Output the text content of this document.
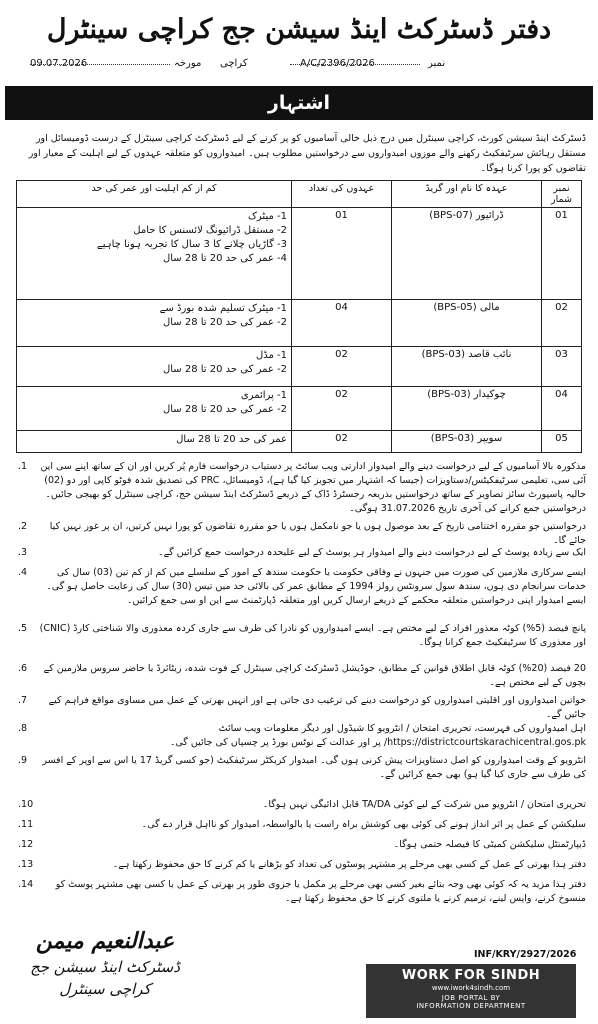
دفتر ڈسٹرکٹ اینڈ سیشن جج کراچی سینٹرل
نمبر
A/C/2396/2026
کراچی
مورخہ
09.07.2026
اشتہار
ڈسٹرکٹ اینڈ سیشن کورٹ، کراچی سینٹرل میں درج ذیل خالی آسامیوں کو پر کرنے کے لیے ڈسٹرکٹ کراچی سینٹرل کے درست ڈومیسائل اور مستقل رہائش سرٹیفکیٹ رکھنے والے موزوں امیدواروں سے درخواستیں مطلوب ہیں۔ امیدواروں کو متعلقہ عہدوں کے لیے اہلیت کے معیار اور تقاضوں کو پورا کرنا ہوگا۔
نمبر شمار	عہدہ کا نام اور گریڈ	عہدوں کی تعداد	کم از کم اہلیت اور عمر کی حد
01	ڈرائیور (BPS-07)	01	1- میٹرک
2- مستقل ڈرائیونگ لائسنس کا حامل
3- گاڑیاں چلانے کا 3 سال کا تجربہ ہونا چاہیے
4- عمر کی حد 20 تا 28 سال

02	مالی (BPS-05)	04	1- میٹرک تسلیم شدہ بورڈ سے
2- عمر کی حد 20 تا 28 سال

03	نائب قاصد (BPS-03)	02	1- مڈل
2- عمر کی حد 20 تا 28 سال

04	چوکیدار (BPS-03)	02	1- پرائمری
2- عمر کی حد 20 تا 28 سال

05	سویپر (BPS-03)	02	عمر کی حد 20 تا 28 سال
مذکورہ بالا آسامیوں کے لیے درخواست دینے والے امیدوار ادارتی ویب سائٹ پر دستیاب درخواست فارم پُر کریں اور ان کے ساتھ اپنے سی این آئی سی، تعلیمی سرٹیفکیٹس/دستاویزات (جیسا کہ اشتہار میں تجویز کیا گیا ہے)، ڈومیسائل، PRC کی تصدیق شدہ فوٹو کاپی اور دو (02) حالیہ پاسپورٹ سائز تصاویر کے ساتھ درخواستیں بذریعہ رجسٹرڈ ڈاک کے ذریعے ڈسٹرکٹ اینڈ سیشن جج، کراچی سینٹرل کو بھیجی جائیں۔ درخواستیں جمع کرانے کی آخری تاریخ 31.07.2026 ہوگی۔
1.
درخواستیں جو مقررہ اختتامی تاریخ کے بعد موصول ہوں یا جو نامکمل ہوں یا جو مقررہ تقاضوں کو پورا نہیں کرتیں، ان پر غور نہیں کیا جائے گا۔
2.
ایک سے زیادہ پوسٹ کے لیے درخواست دینے والے امیدوار ہر پوسٹ کے لیے علیحدہ درخواست جمع کرائیں گے۔
3.
ایسے سرکاری ملازمین کی صورت میں جنہوں نے وفاقی حکومت یا حکومت سندھ کے امور کے سلسلے میں کم از کم تین (03) سال کی خدمات سرانجام دی ہوں، سندھ سول سرونٹس رولز 1994 کے مطابق عمر کی بالائی حد میں تیس (30) سال کی رعایت حاصل ہو گی۔ ایسے امیدوار اپنی درخواستیں متعلقہ محکمے کے ذریعے ارسال کریں اور متعلقہ ڈپارٹمنٹ سے این او سی جمع کرائیں۔
4.
پانچ فیصد (5%) کوٹہ معذور افراد کے لیے مختص ہے۔ ایسے امیدواروں کو نادرا کی طرف سے جاری کردہ معذوری والا شناختی کارڈ (CNIC) اور معذوری کا سرٹیفکیٹ جمع کرانا ہوگا۔
5.
20 فیصد (20%) کوٹہ قابل اطلاق قوانین کے مطابق، جوڈیشل ڈسٹرکٹ کراچی سینٹرل کے فوت شدہ، ریٹائرڈ یا حاضر سروس ملازمین کے بچوں کے لیے مختص ہے۔
6.
خواتین امیدواروں اور اقلیتی امیدواروں کو درخواست دینے کی ترغیب دی جاتی ہے اور انہیں بھرتی کے عمل میں مساوی مواقع فراہم کیے جائیں گے۔
7.
اہل امیدواروں کی فہرست، تحریری امتحان / انٹرویو کا شیڈول اور دیگر معلومات ویب سائٹ https://districtcourtskarachicentral.gos.pk/ پر اور عدالت کے نوٹس بورڈ پر چسپاں کی جائیں گی۔
8.
انٹرویو کے وقت امیدواروں کو اصل دستاویزات پیش کرنی ہوں گی۔ امیدوار کریکٹر سرٹیفکیٹ (جو کسی گریڈ 17 یا اس سے اوپر کے افسر کی طرف سے جاری کیا گیا ہو) بھی جمع کرائیں گے۔
9.
تحریری امتحان / انٹرویو میں شرکت کے لیے کوئی TA/DA قابل ادائیگی نہیں ہوگا۔
10.
سلیکشن کے عمل پر اثر انداز ہونے کی کوئی بھی کوشش براہ راست یا بالواسطہ، امیدوار کو نااہل قرار دے گی۔
11.
ڈیپارٹمنٹل سلیکشن کمیٹی کا فیصلہ حتمی ہوگا۔
12.
دفتر ہذا بھرتی کے عمل کے کسی بھی مرحلے پر مشتہر پوسٹوں کی تعداد کو بڑھانے یا کم کرنے کا حق محفوظ رکھتا ہے۔
13.
دفتر ہذا مزید یہ کہ کوئی بھی وجہ بتائے بغیر کسی بھی مرحلے پر مکمل یا جزوی طور پر بھرتی کے عمل یا کسی بھی مشتہر پوسٹ کو منسوخ کرنے، واپس لینے، ترمیم کرنے یا ملتوی کرنے کا حق محفوظ رکھتا ہے۔
14.
عبدالنعیم میمن
ڈسٹرکٹ اینڈ سیشن جج
کراچی سینٹرل
INF/KRY/2927/2026
WORK FOR SINDH
www.iwork4sindh.com
JOB PORTAL BY
INFORMATION DEPARTMENT
